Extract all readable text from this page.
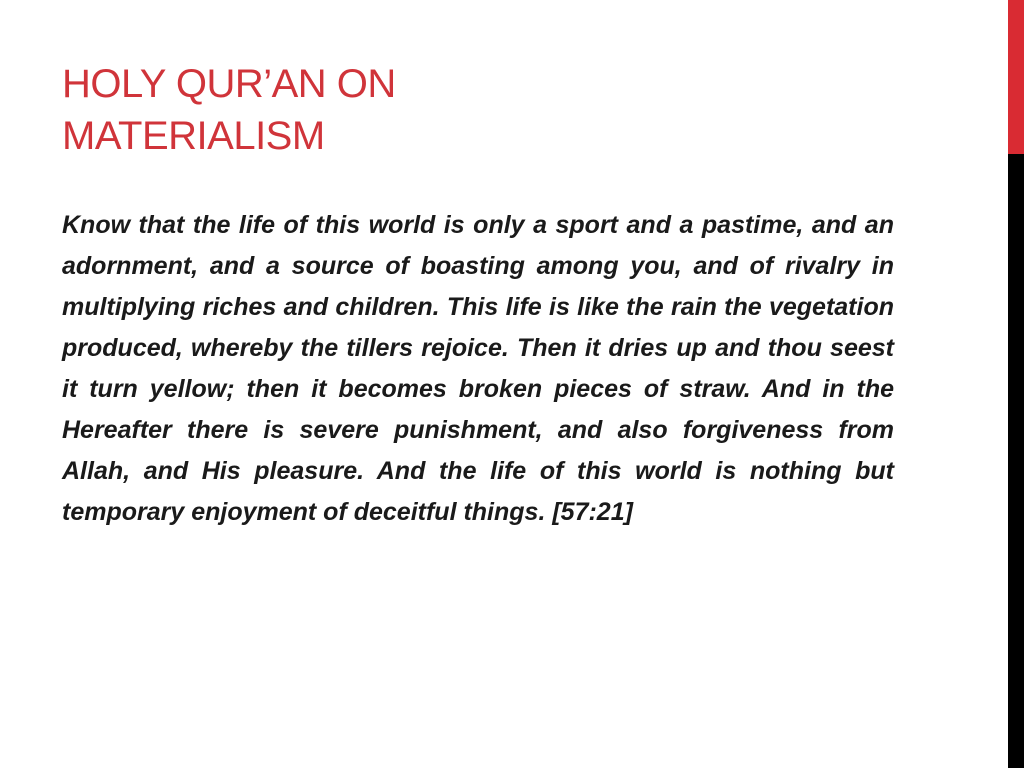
HOLY QUR’AN ON
MATERIALISM

Know that the life of this world is only a sport and a pastime, and an adornment, and a source of boasting among you, and of rivalry in multiplying riches and children. This life is like the rain the vegetation produced, whereby the tillers rejoice. Then it dries up and thou seest it turn yellow; then it becomes broken pieces of straw. And in the Hereafter there is severe punishment, and also forgiveness from Allah, and His pleasure. And the life of this world is nothing but temporary enjoyment of deceitful things. [57:21]
